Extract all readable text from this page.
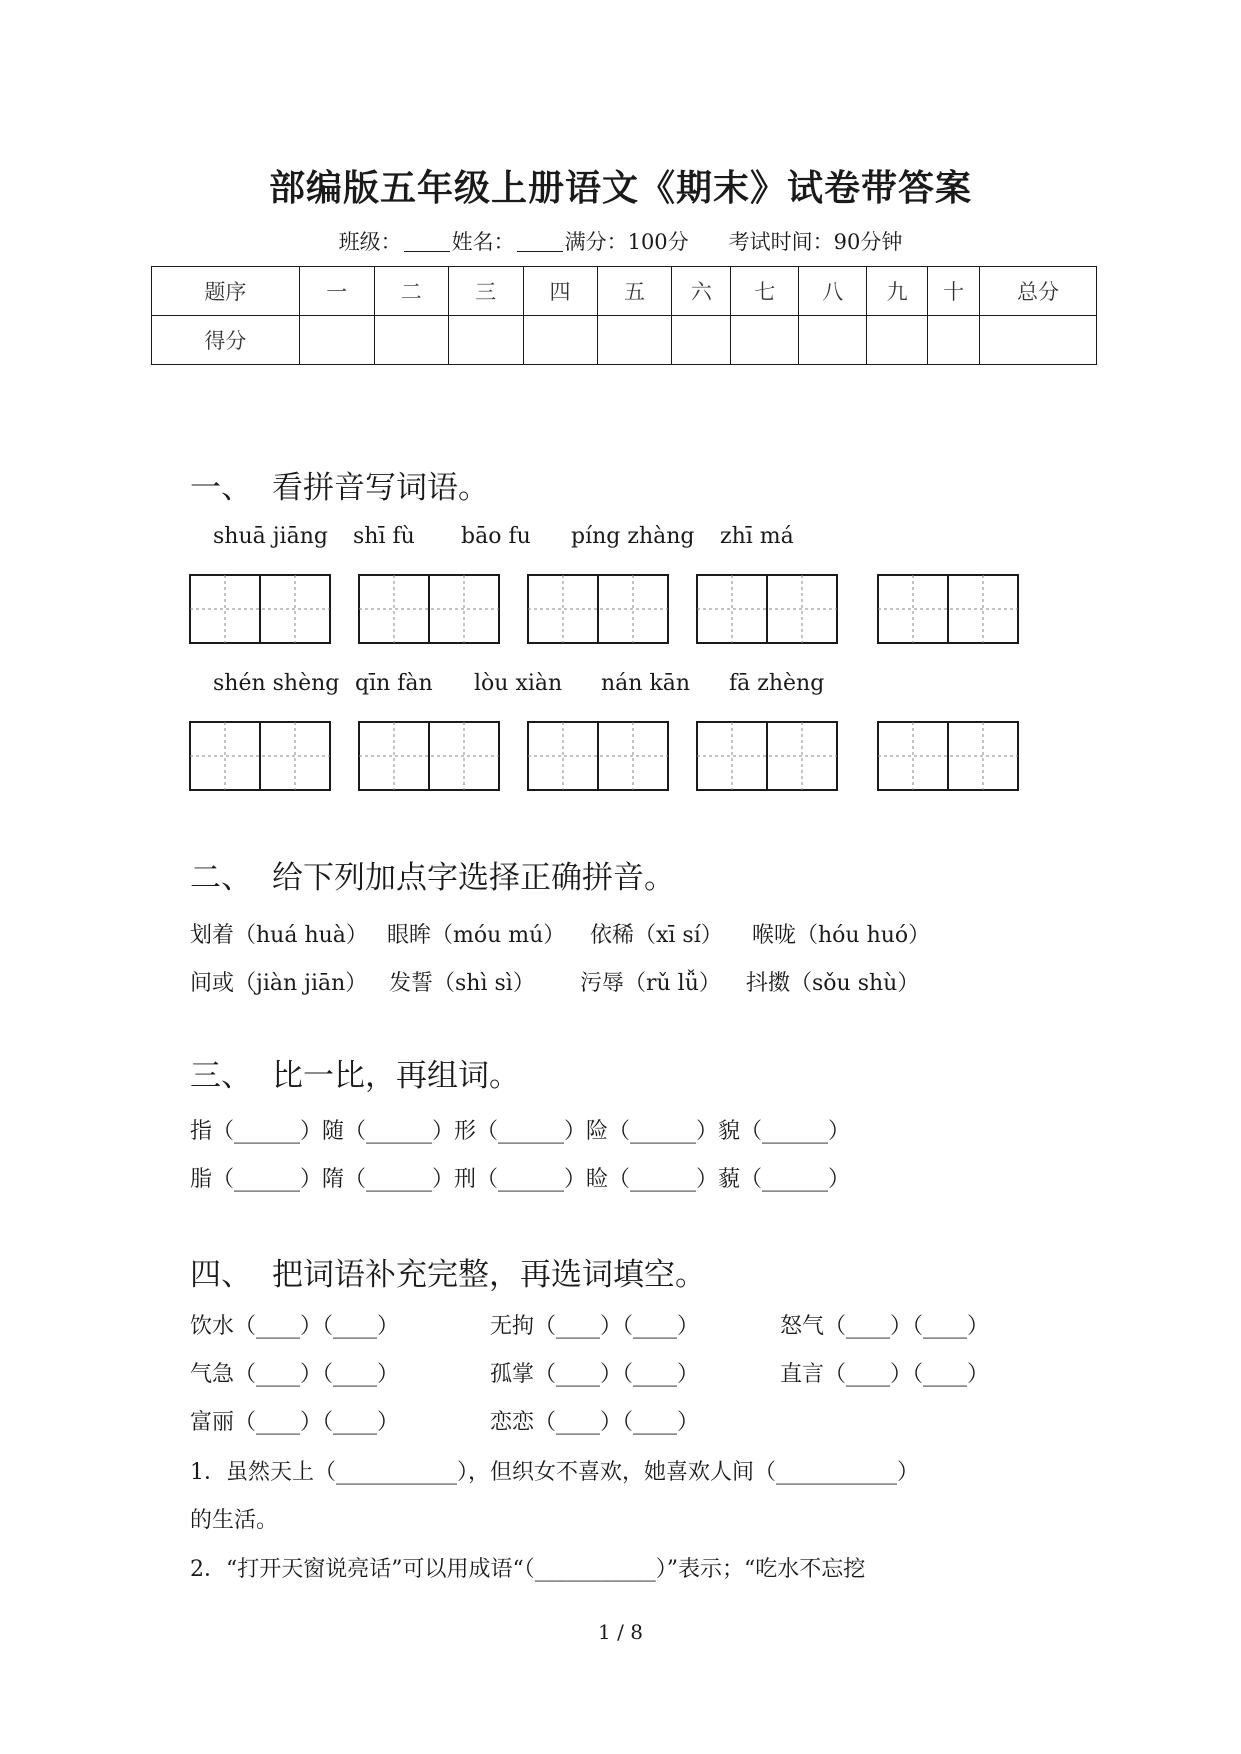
部编版五年级上册语文《期末》试卷带答案
班级： 姓名： 满分：100分 考试时间：90分钟
题序	一	二	三	四	五	六	七	八	九	十	总分
得分											
一、 看拼音写词语。
shuā jiāng shī fù bāo fu píng zhàng zhī má
shén shèng qīn fàn lòu xiàn nán kān fā zhèng
二、 给下列加点字选择正确拼音。
划着（huá huà） 眼眸（móu mú） 依稀（xī sí） 喉咙（hóu huó）
间或（jiàn jiān） 发誓（shì sì） 污辱（rǔ lǚ） 抖擞（sǒu shù）
三、 比一比，再组词。
指（______）随（______）形（______）险（______）貌（______）
脂（______）隋（______）刑（______）睑（______）藐（______）
四、 把词语补充完整，再选词填空。
饮水（____）（____）	无拘（____）（____）	怒气（____）（____）
气急（____）（____）	孤掌（____）（____）	直言（____）（____）
富丽（____）（____）	恋恋（____）（____）
1．虽然天上（___________），但织女不喜欢，她喜欢人间（___________）
的生活。
2．“打开天窗说亮话”可以用成语“（___________）”表示；“吃水不忘挖
1 / 8
